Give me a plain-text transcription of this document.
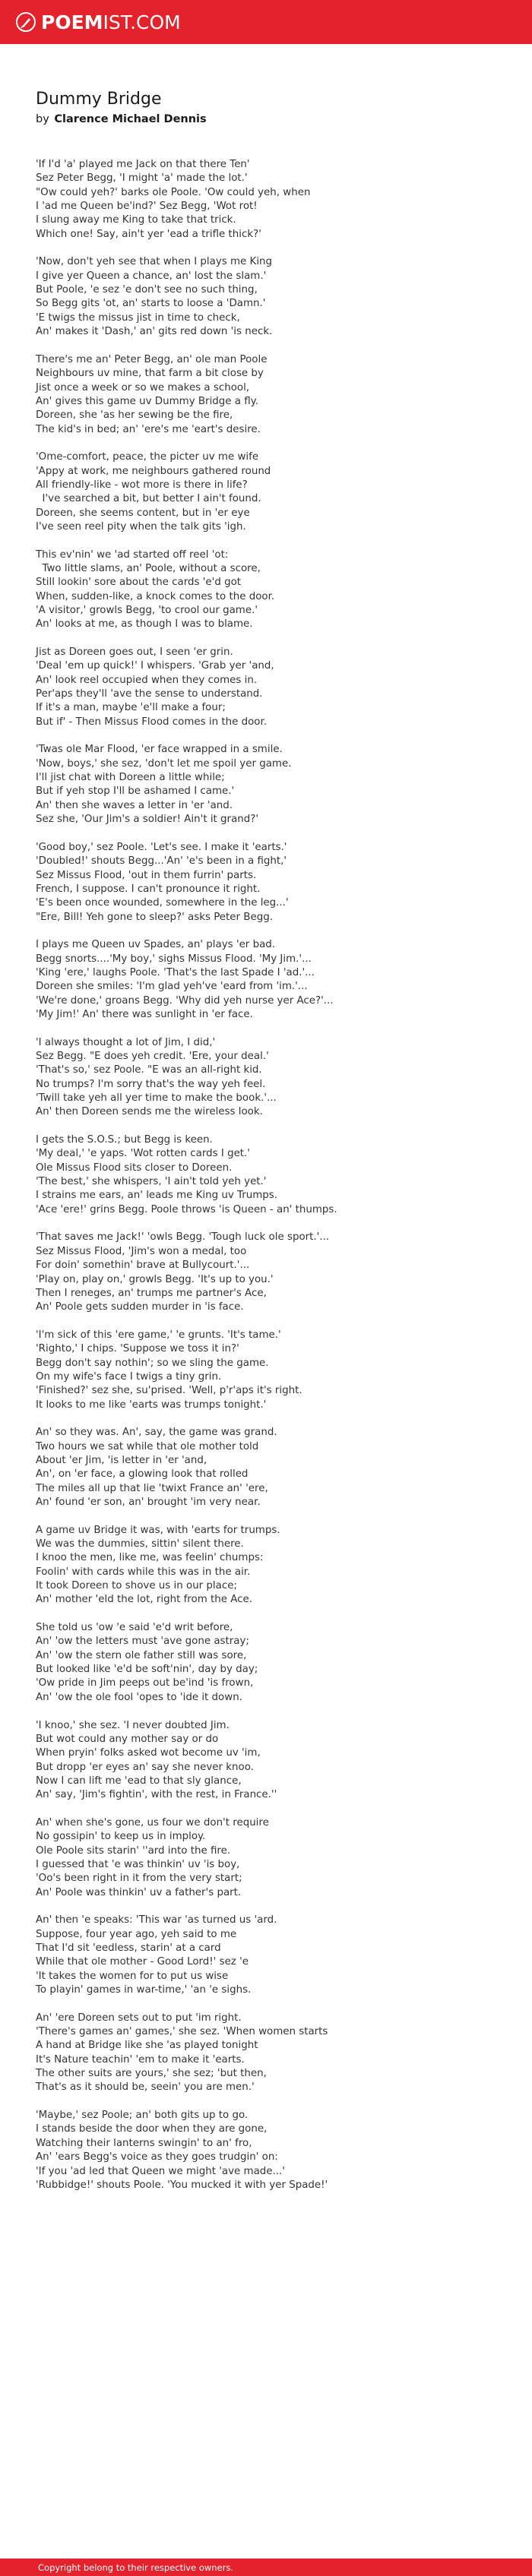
POEM IST.COM
Dummy Bridge

by Clarence Michael Dennis

'If I'd 'a' played me Jack on that there Ten'
Sez Peter Begg, 'I might 'a' made the lot.'
"Ow could yeh?' barks ole Poole. 'Ow could yeh, when
I 'ad me Queen be'ind?' Sez Begg, 'Wot rot!
I slung away me King to take that trick.
Which one! Say, ain't yer 'ead a trifle thick?'
'Now, don't yeh see that when I plays me King
I give yer Queen a chance, an' lost the slam.'
But Poole, 'e sez 'e don't see no such thing,
So Begg gits 'ot, an' starts to loose a 'Damn.'
'E twigs the missus jist in time to check,
An' makes it 'Dash,' an' gits red down 'is neck.
There's me an' Peter Begg, an' ole man Poole
Neighbours uv mine, that farm a bit close by
Jist once a week or so we makes a school,
An' gives this game uv Dummy Bridge a fly.
Doreen, she 'as her sewing be the fire,
The kid's in bed; an' 'ere's me 'eart's desire.
'Ome-comfort, peace, the picter uv me wife
'Appy at work, me neighbours gathered round
All friendly-like - wot more is there in life?
I've searched a bit, but better I ain't found.
Doreen, she seems content, but in 'er eye
I've seen reel pity when the talk gits 'igh.
This ev'nin' we 'ad started off reel 'ot:
Two little slams, an' Poole, without a score,
Still lookin' sore about the cards 'e'd got
When, sudden-like, a knock comes to the door.
'A visitor,' growls Begg, 'to crool our game.'
An' looks at me, as though I was to blame.
Jist as Doreen goes out, I seen 'er grin.
'Deal 'em up quick!' I whispers. 'Grab yer 'and,
An' look reel occupied when they comes in.
Per'aps they'll 'ave the sense to understand.
If it's a man, maybe 'e'll make a four;
But if' - Then Missus Flood comes in the door.
'Twas ole Mar Flood, 'er face wrapped in a smile.
'Now, boys,' she sez, 'don't let me spoil yer game.
I'll jist chat with Doreen a little while;
But if yeh stop I'll be ashamed I came.'
An' then she waves a letter in 'er 'and.
Sez she, 'Our Jim's a soldier! Ain't it grand?'
'Good boy,' sez Poole. 'Let's see. I make it 'earts.'
'Doubled!' shouts Begg...'An' 'e's been in a fight,'
Sez Missus Flood, 'out in them furrin' parts.
French, I suppose. I can't pronounce it right.
'E's been once wounded, somewhere in the leg...'
"Ere, Bill! Yeh gone to sleep?' asks Peter Begg.
I plays me Queen uv Spades, an' plays 'er bad.
Begg snorts....'My boy,' sighs Missus Flood. 'My Jim.'...
'King 'ere,' laughs Poole. 'That's the last Spade I 'ad.'...
Doreen she smiles: 'I'm glad yeh've 'eard from 'im.'...
'We're done,' groans Begg. 'Why did yeh nurse yer Ace?'...
'My Jim!' An' there was sunlight in 'er face.
'I always thought a lot of Jim, I did,'
Sez Begg. "E does yeh credit. 'Ere, your deal.'
'That's so,' sez Poole. "E was an all-right kid.
No trumps? I'm sorry that's the way yeh feel.
'Twill take yeh all yer time to make the book.'...
An' then Doreen sends me the wireless look.
I gets the S.O.S.; but Begg is keen.
'My deal,' 'e yaps. 'Wot rotten cards I get.'
Ole Missus Flood sits closer to Doreen.
'The best,' she whispers, 'I ain't told yeh yet.'
I strains me ears, an' leads me King uv Trumps.
'Ace 'ere!' grins Begg. Poole throws 'is Queen - an' thumps.
'That saves me Jack!' 'owls Begg. 'Tough luck ole sport.'...
Sez Missus Flood, 'Jim's won a medal, too
For doin' somethin' brave at Bullycourt.'...
'Play on, play on,' growls Begg. 'It's up to you.'
Then I reneges, an' trumps me partner's Ace,
An' Poole gets sudden murder in 'is face.
'I'm sick of this 'ere game,' 'e grunts. 'It's tame.'
'Righto,' I chips. 'Suppose we toss it in?'
Begg don't say nothin'; so we sling the game.
On my wife's face I twigs a tiny grin.
'Finished?' sez she, su'prised. 'Well, p'r'aps it's right.
It looks to me like 'earts was trumps tonight.'
An' so they was. An', say, the game was grand.
Two hours we sat while that ole mother told
About 'er Jim, 'is letter in 'er 'and,
An', on 'er face, a glowing look that rolled
The miles all up that lie 'twixt France an' 'ere,
An' found 'er son, an' brought 'im very near.
A game uv Bridge it was, with 'earts for trumps.
We was the dummies, sittin' silent there.
I knoo the men, like me, was feelin' chumps:
Foolin' with cards while this was in the air.
It took Doreen to shove us in our place;
An' mother 'eld the lot, right from the Ace.
She told us 'ow 'e said 'e'd writ before,
An' 'ow the letters must 'ave gone astray;
An' 'ow the stern ole father still was sore,
But looked like 'e'd be soft'nin', day by day;
'Ow pride in Jim peeps out be'ind 'is frown,
An' 'ow the ole fool 'opes to 'ide it down.
'I knoo,' she sez. 'I never doubted Jim.
But wot could any mother say or do
When pryin' folks asked wot become uv 'im,
But dropp 'er eyes an' say she never knoo.
Now I can lift me 'ead to that sly glance,
An' say, 'Jim's fightin', with the rest, in France.''
An' when she's gone, us four we don't require
No gossipin' to keep us in imploy.
Ole Poole sits starin' ''ard into the fire.
I guessed that 'e was thinkin' uv 'is boy,
'Oo's been right in it from the very start;
An' Poole was thinkin' uv a father's part.
An' then 'e speaks: 'This war 'as turned us 'ard.
Suppose, four year ago, yeh said to me
That I'd sit 'eedless, starin' at a card
While that ole mother - Good Lord!' sez 'e
'It takes the women for to put us wise
To playin' games in war-time,' 'an 'e sighs.
An' 'ere Doreen sets out to put 'im right.
'There's games an' games,' she sez. 'When women starts
A hand at Bridge like she 'as played tonight
It's Nature teachin' 'em to make it 'earts.
The other suits are yours,' she sez; 'but then,
That's as it should be, seein' you are men.'
'Maybe,' sez Poole; an' both gits up to go.
I stands beside the door when they are gone,
Watching their lanterns swingin' to an' fro,
An' 'ears Begg's voice as they goes trudgin' on:
'If you 'ad led that Queen we might 'ave made...'
'Rubbidge!' shouts Poole. 'You mucked it with yer Spade!'
Copyright belong to their respective owners.
